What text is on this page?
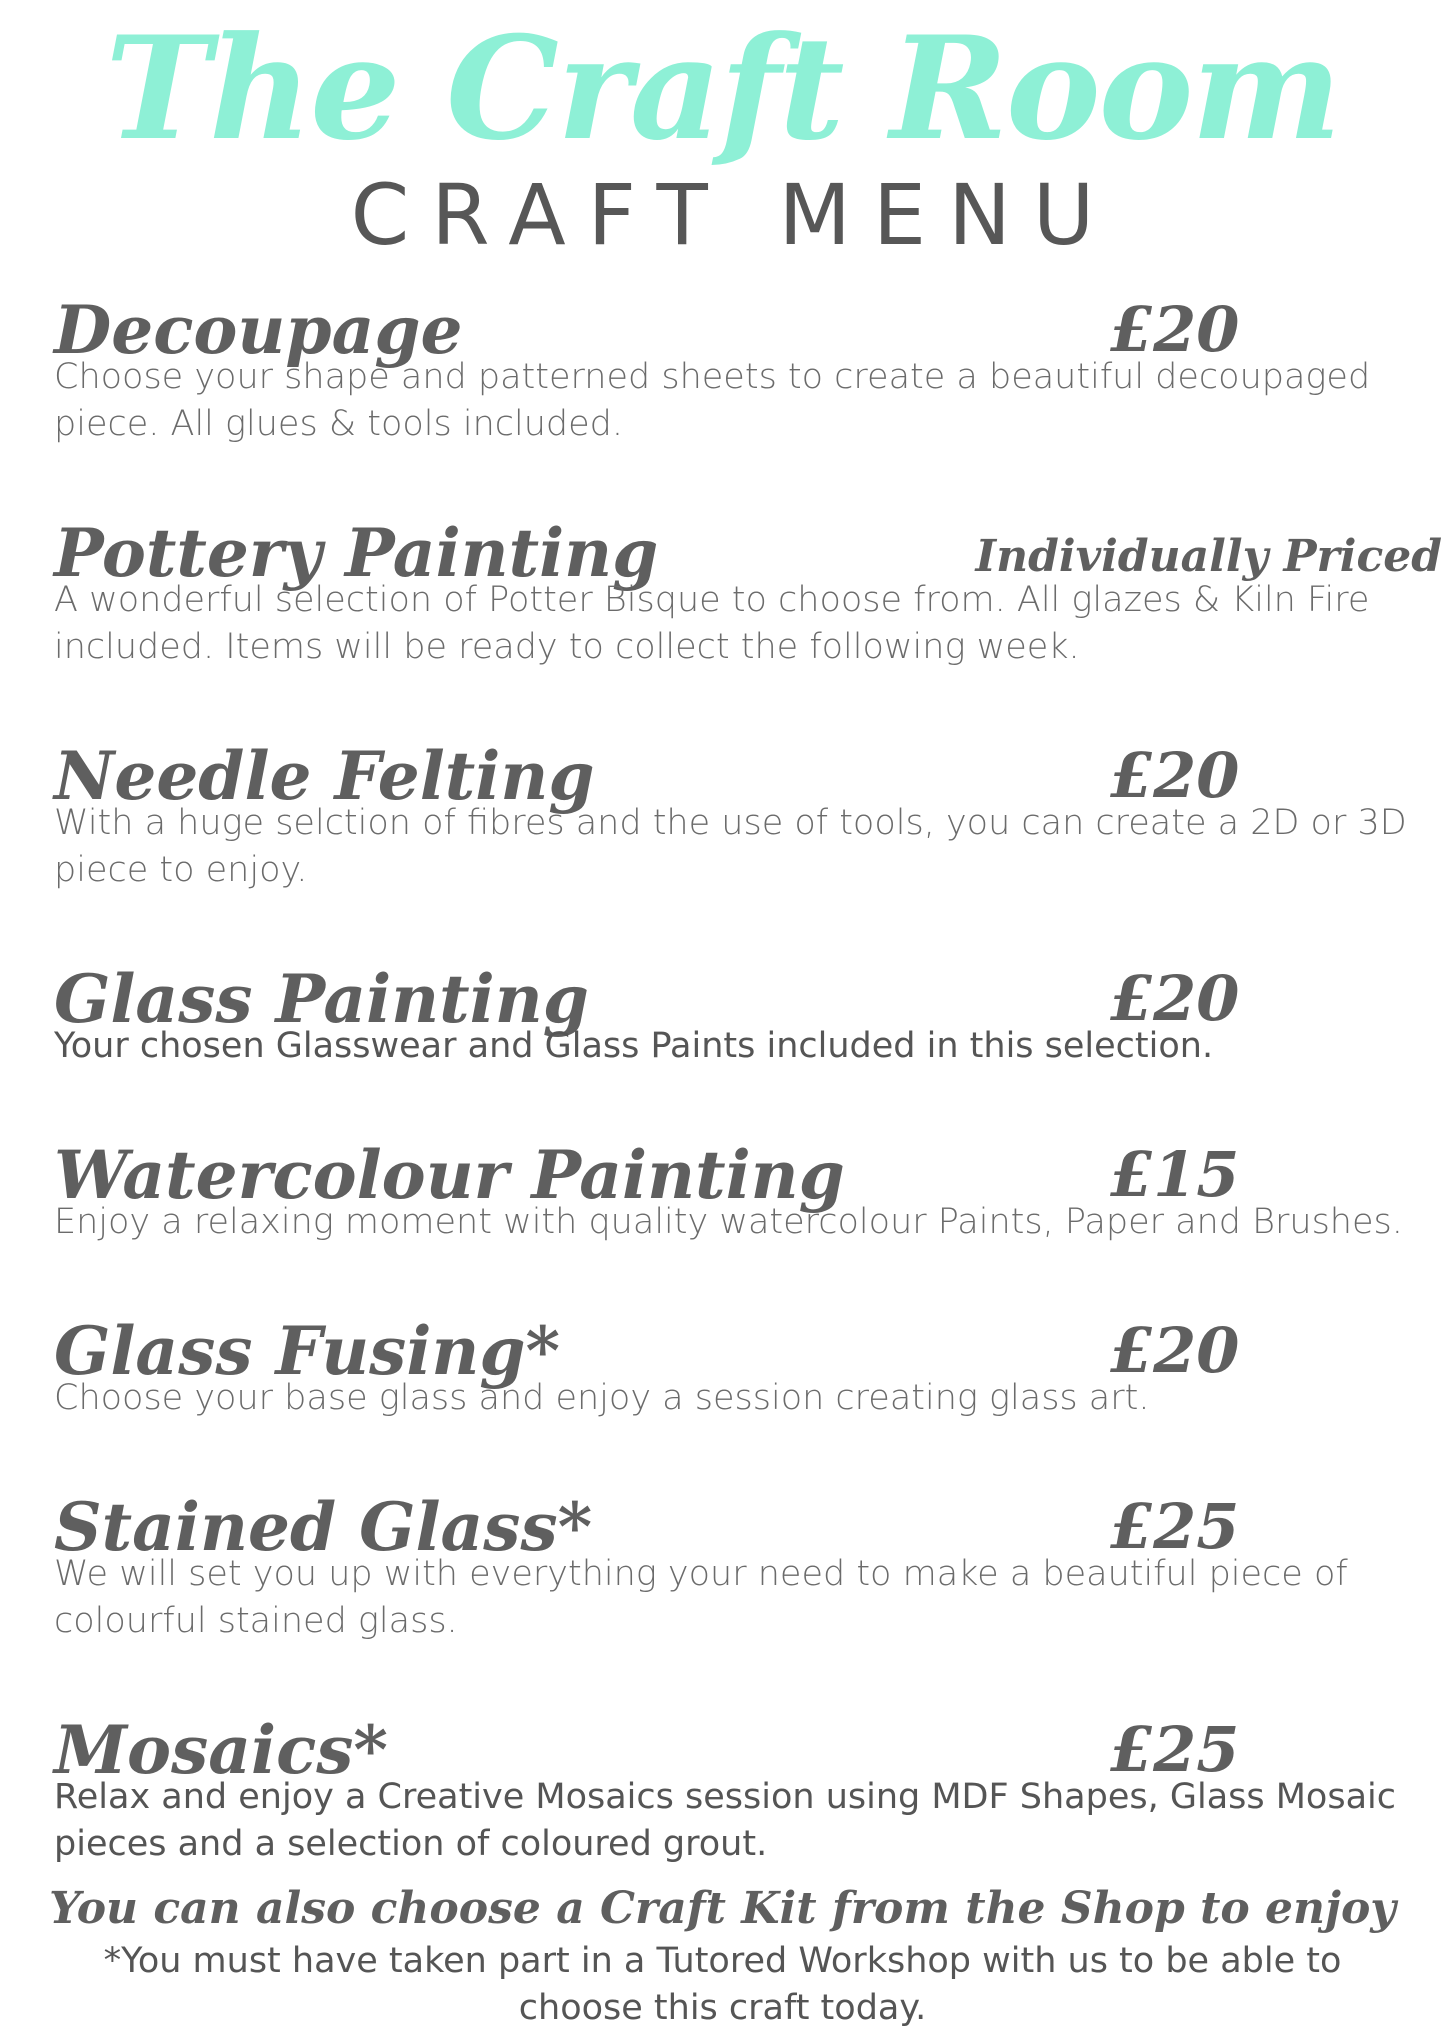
The Craft Room
CRAFT MENU
Decoupage	£20

Choose your shape and patterned sheets to create a beautiful decoupaged piece. All glues & tools included.

Pottery Painting	Individually Priced

A wonderful selection of Potter Bisque to choose from. All glazes & Kiln Fire included. Items will be ready to collect the following week.

Needle Felting	£20

With a huge selction of fibres and the use of tools, you can create a 2D or 3D piece to enjoy.

Glass Painting	£20

Your chosen Glasswear and Glass Paints included in this selection.

Watercolour Painting	£15

Enjoy a relaxing moment with quality watercolour Paints, Paper and Brushes.

Glass Fusing*	£20

Choose your base glass and enjoy a session creating glass art.

Stained Glass*	£25

We will set you up with everything your need to make a beautiful piece of colourful stained glass.

Mosaics*	£25

Relax and enjoy a Creative Mosaics session using MDF Shapes, Glass Mosaic pieces and a selection of coloured grout.

You can also choose a Craft Kit from the Shop to enjoy
*You must have taken part in a Tutored Workshop with us to be able to choose this craft today.
